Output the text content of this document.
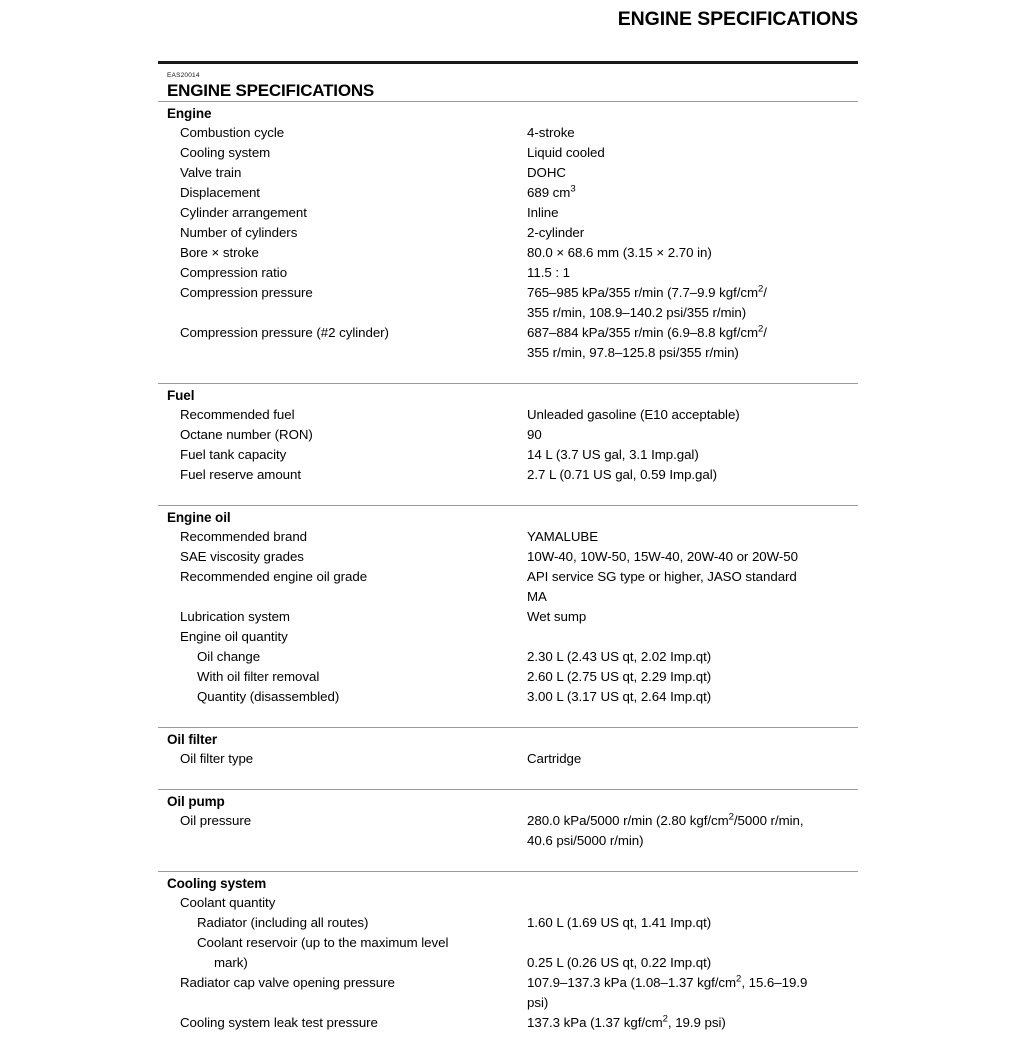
ENGINE SPECIFICATIONS
EAS20014
ENGINE SPECIFICATIONS
Engine
Combustion cycle	4-stroke
Cooling system	Liquid cooled
Valve train	DOHC
Displacement	689 $cm^3$
Cylinder arrangement	Inline
Number of cylinders	2-cylinder
Bore × stroke	80.0 × 68.6 mm (3.15 × 2.70 in)
Compression ratio	11.5 : 1
Compression pressure	765–985 kPa/355 r/min (7.7–9.9 kgf/$cm^2/$
355 r/min, 108.9–140.2 psi/355 r/min)
Compression pressure (#2 cylinder)	687–884 kPa/355 r/min (6.9–8.8 kgf/$cm^2/$
355 r/min, 97.8–125.8 psi/355 r/min)
Fuel
Recommended fuel	Unleaded gasoline (E10 acceptable)
Octane number (RON)	90
Fuel tank capacity	14 L (3.7 US gal, 3.1 Imp.gal)
Fuel reserve amount	2.7 L (0.71 US gal, 0.59 Imp.gal)
Engine oil
Recommended brand	YAMALUBE
SAE viscosity grades	10W-40, 10W-50, 15W-40, 20W-40 or 20W-50
Recommended engine oil grade	API service SG type or higher, JASO standard
MA
Lubrication system	Wet sump
Engine oil quantity
Oil change	2.30 L (2.43 US qt, 2.02 Imp.qt)
With oil filter removal	2.60 L (2.75 US qt, 2.29 Imp.qt)
Quantity (disassembled)	3.00 L (3.17 US qt, 2.64 Imp.qt)
Oil filter
Oil filter type	Cartridge
Oil pump
Oil pressure	280.0 kPa/5000 r/min (2.80 kgf/$cm^2/5000$ r/min,
40.6 psi/5000 r/min)
Cooling system
Coolant quantity
Radiator (including all routes)	1.60 L (1.69 US qt, 1.41 Imp.qt)
Coolant reservoir (up to the maximum level
mark)	0.25 L (0.26 US qt, 0.22 Imp.qt)
Radiator cap valve opening pressure	107.9–137.3 kPa (1.08–1.37 kgf/$cm^2$, 15.6–19.9
psi)
Cooling system leak test pressure	137.3 kPa (1.37 kgf/$cm^2$, 19.9 psi)
